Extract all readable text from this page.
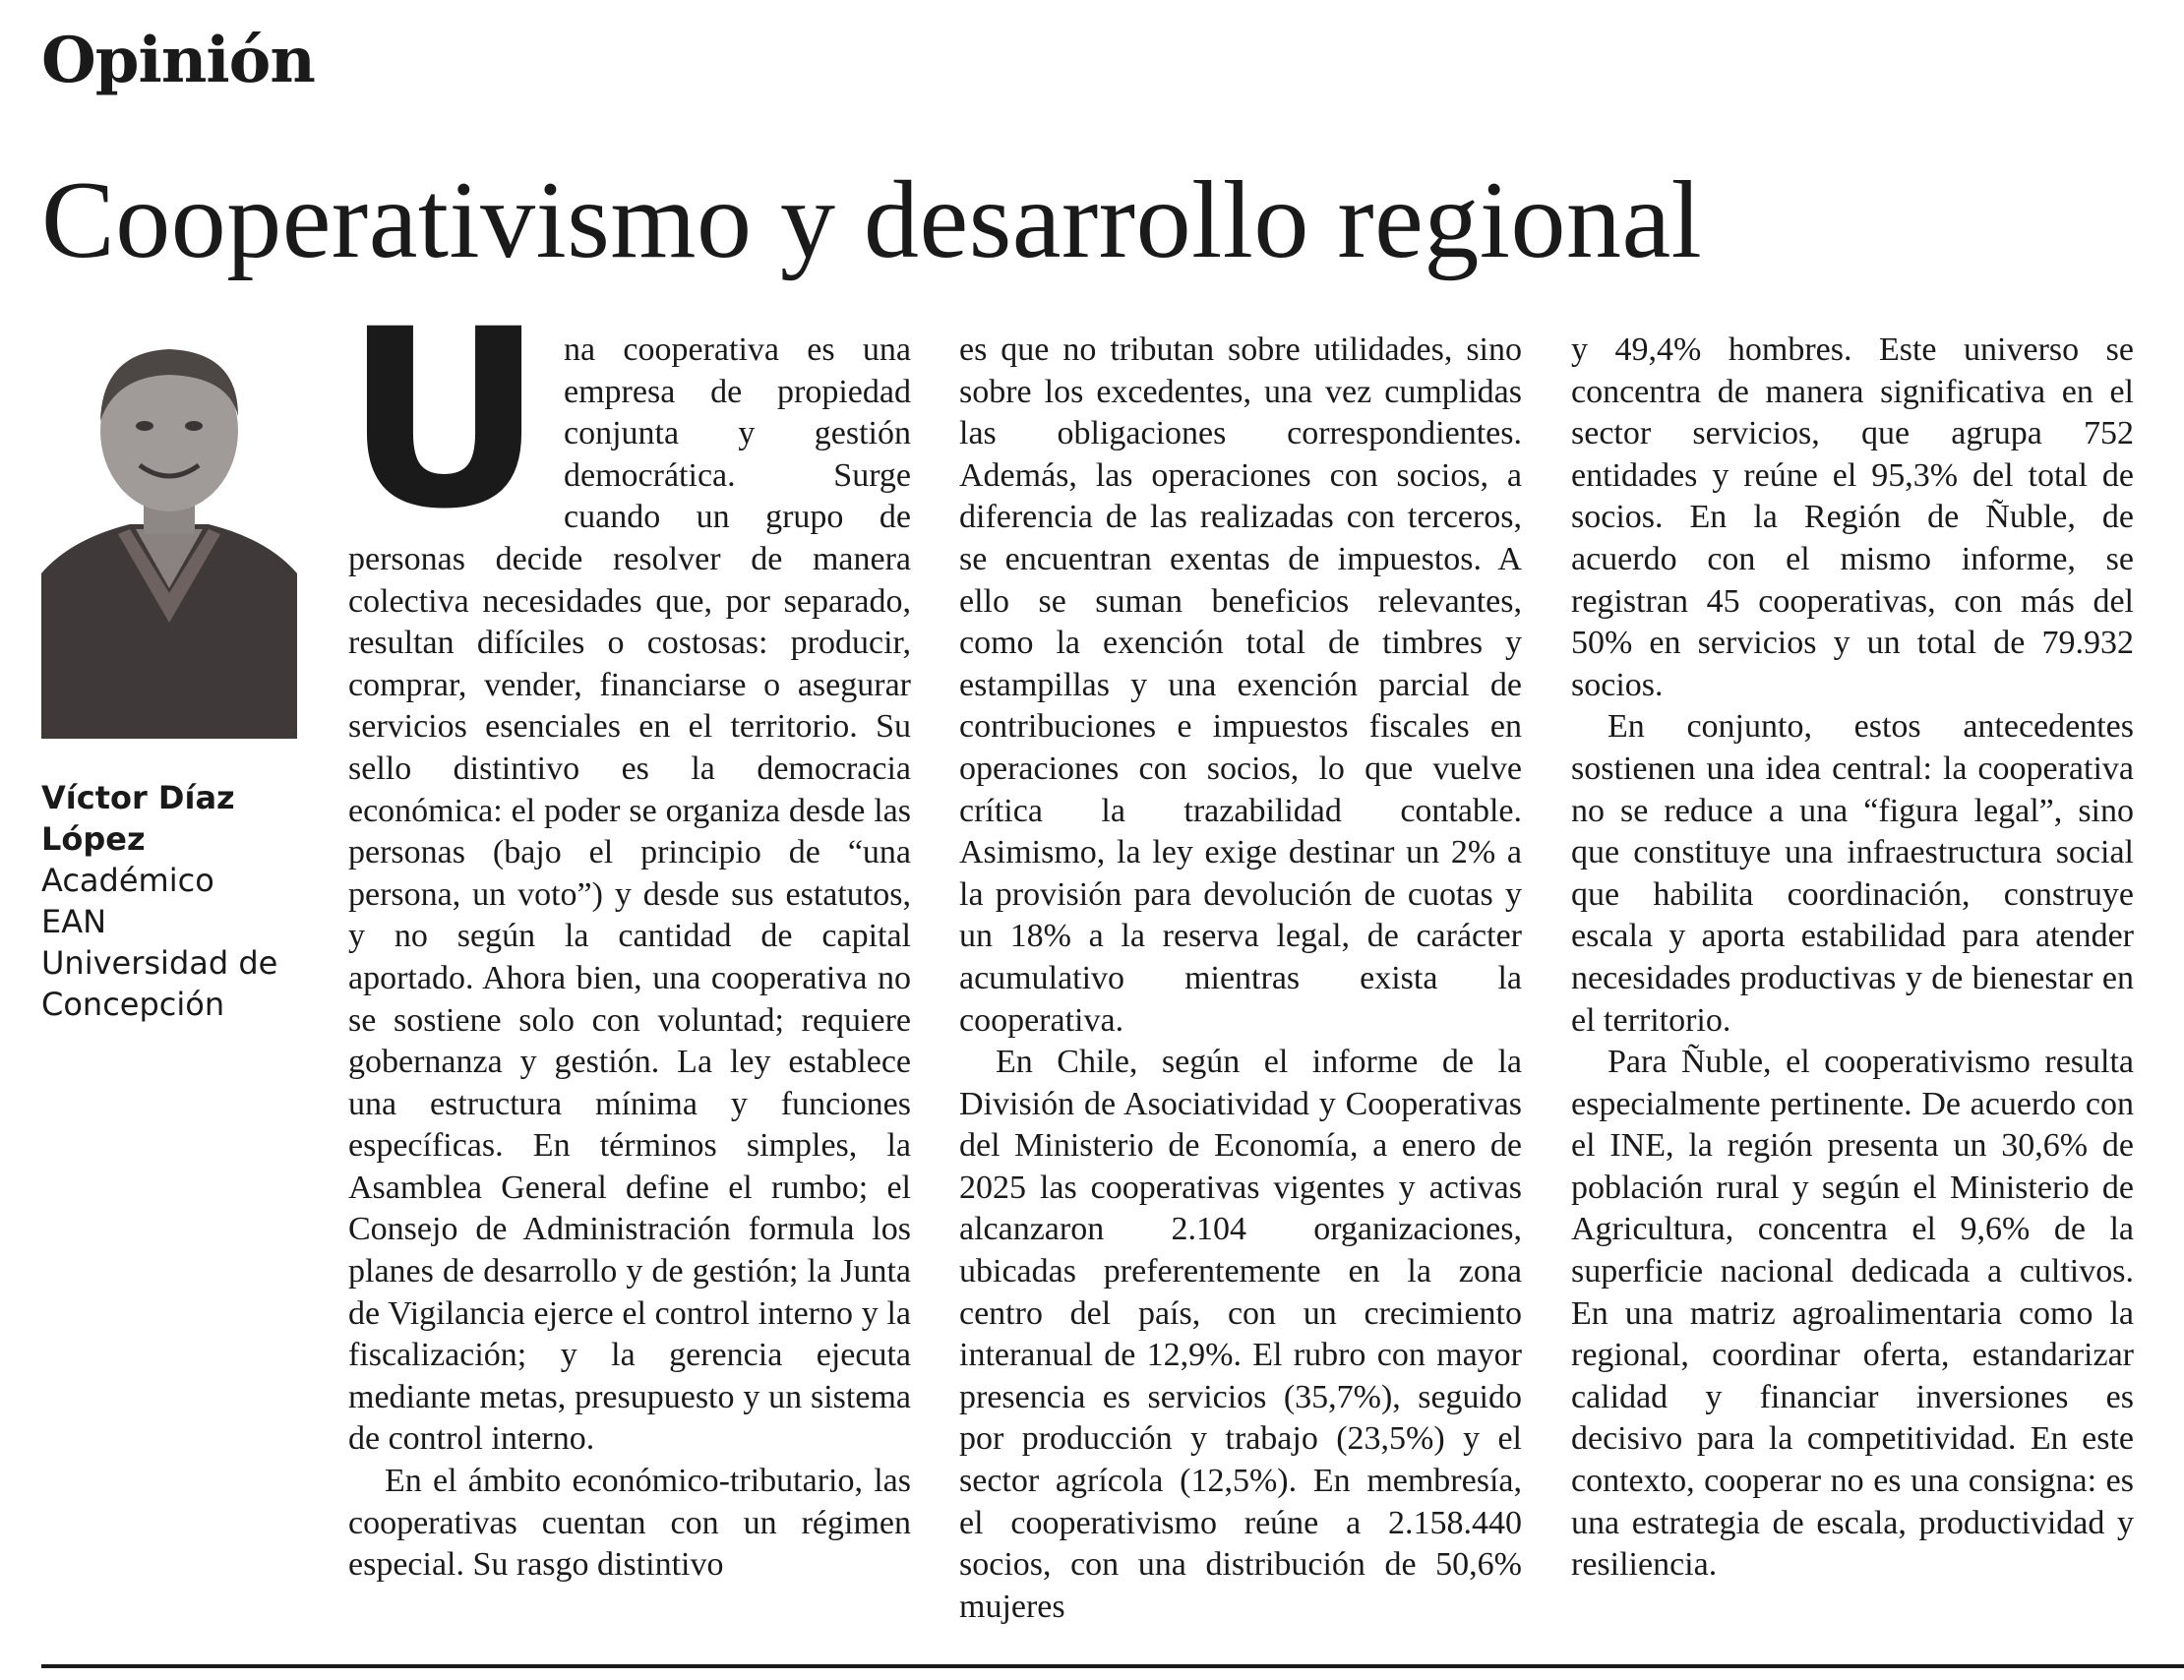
Opinión
Cooperativismo y desarrollo regional
Víctor Díaz López
Académico
EAN
Universidad de
Concepción

Una cooperativa es una empresa de propiedad conjunta y gestión democrática. Surge cuando un grupo de personas decide resolver de manera colectiva necesidades que, por separado, resultan difíciles o costosas: producir, comprar, vender, financiarse o asegurar servicios esenciales en el territorio. Su sello distintivo es la democracia económica: el poder se organiza desde las personas (bajo el principio de “una persona, un voto”) y desde sus estatutos, y no según la cantidad de capital aportado. Ahora bien, una cooperativa no se sostiene solo con voluntad; requiere gobernanza y gestión. La ley establece una estructura mínima y funciones específicas. En términos simples, la Asamblea General define el rumbo; el Consejo de Administración formula los planes de desarrollo y de gestión; la Junta de Vigilancia ejerce el control interno y la fiscalización; y la gerencia ejecuta mediante metas, presupuesto y un sistema de control interno.

En el ámbito económico-tributario, las cooperativas cuentan con un régimen especial. Su rasgo distintivo

es que no tributan sobre utilidades, sino sobre los excedentes, una vez cumplidas las obligaciones correspondientes. Además, las operaciones con socios, a diferencia de las realizadas con terceros, se encuentran exentas de impuestos. A ello se suman beneficios relevantes, como la exención total de timbres y estampillas y una exención parcial de contribuciones e impuestos fiscales en operaciones con socios, lo que vuelve crítica la trazabilidad contable. Asimismo, la ley exige destinar un 2% a la provisión para devolución de cuotas y un 18% a la reserva legal, de carácter acumulativo mientras exista la cooperativa.

En Chile, según el informe de la División de Asociatividad y Cooperativas del Ministerio de Economía, a enero de 2025 las cooperativas vigentes y activas alcanzaron 2.104 organizaciones, ubicadas preferentemente en la zona centro del país, con un crecimiento interanual de 12,9%. El rubro con mayor presencia es servicios (35,7%), seguido por producción y trabajo (23,5%) y el sector agrícola (12,5%). En membresía, el cooperativismo reúne a 2.158.440 socios, con una distribución de 50,6% mujeres

y 49,4% hombres. Este universo se concentra de manera significativa en el sector servicios, que agrupa 752 entidades y reúne el 95,3% del total de socios. En la Región de Ñuble, de acuerdo con el mismo informe, se registran 45 cooperativas, con más del 50% en servicios y un total de 79.932 socios.

En conjunto, estos antecedentes sostienen una idea central: la cooperativa no se reduce a una “figura legal”, sino que constituye una infraestructura social que habilita coordinación, construye escala y aporta estabilidad para atender necesidades productivas y de bienestar en el territorio.

Para Ñuble, el cooperativismo resulta especialmente pertinente. De acuerdo con el INE, la región presenta un 30,6% de población rural y según el Ministerio de Agricultura, concentra el 9,6% de la superficie nacional dedicada a cultivos. En una matriz agroalimentaria como la regional, coordinar oferta, estandarizar calidad y financiar inversiones es decisivo para la competitividad. En este contexto, cooperar no es una consigna: es una estrategia de escala, productividad y resiliencia.
